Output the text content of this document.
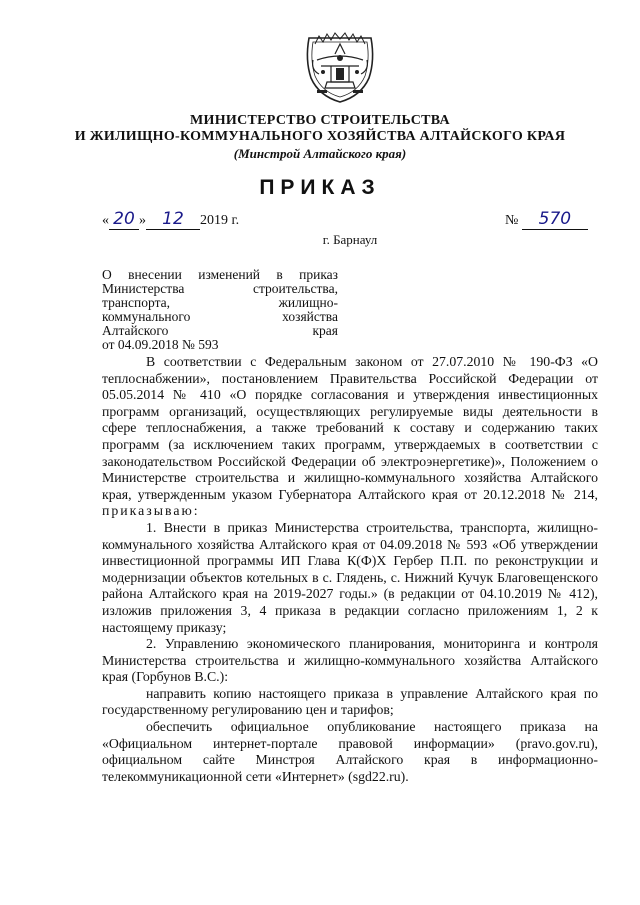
МИНИСТЕРСТВО СТРОИТЕЛЬСТВА
И ЖИЛИЩНО-КОММУНАЛЬНОГО ХОЗЯЙСТВА АЛТАЙСКОГО КРАЯ
(Минстрой Алтайского края)
ПРИКАЗ
« 20 » 12 2019 г.	№ 570
г. Барнаул
О внесении изменений в приказ
Министерства	строительства,
транспорта,	жилищно-
коммунального	хозяйства
Алтайского	края
от 04.09.2018 № 593

В соответствии с Федеральным законом от 27.07.2010 № 190-ФЗ «О теплоснабжении», постановлением Правительства Российской Федерации от 05.05.2014 № 410 «О порядке согласования и утверждения инвестиционных программ организаций, осуществляющих регулируемые виды деятельности в сфере теплоснабжения, а также требований к составу и содержанию таких программ (за исключением таких программ, утверждаемых в соответствии с законодательством Российской Федерации об электроэнергетике)», Положением о Министерстве строительства и жилищно-коммунального хозяйства Алтайского края, утвержденным указом Губернатора Алтайского края от 20.12.2018 № 214, приказываю:

1. Внести в приказ Министерства строительства, транспорта, жилищно-коммунального хозяйства Алтайского края от 04.09.2018 № 593 «Об утверждении инвестиционной программы ИП Глава К(Ф)Х Гербер П.П. по реконструкции и модернизации объектов котельных в с. Глядень, с. Нижний Кучук Благовещенского района Алтайского края на 2019-2027 годы.» (в редакции от 04.10.2019 № 412), изложив приложения 3, 4 приказа в редакции согласно приложениям 1, 2 к настоящему приказу;

2. Управлению экономического планирования, мониторинга и контроля Министерства строительства и жилищно-коммунального хозяйства Алтайского края (Горбунов В.С.):

направить копию настоящего приказа в управление Алтайского края по государственному регулированию цен и тарифов;

обеспечить официальное опубликование настоящего приказа на «Официальном интернет-портале правовой информации» (pravo.gov.ru), официальном сайте Минстроя Алтайского края в информационно-телекоммуникационной сети «Интернет» (sgd22.ru).
